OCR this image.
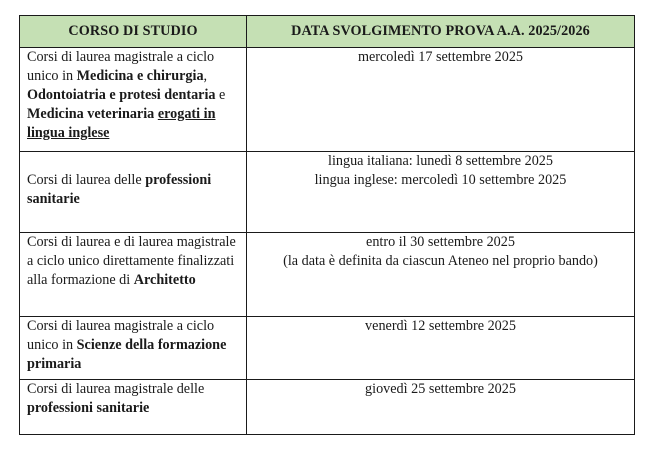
CORSO DI STUDIO	DATA SVOLGIMENTO PROVA A.A. 2025/2026
Corsi di laurea magistrale a ciclo unico in Medicina e chirurgia, Odontoiatria e protesi dentaria e Medicina veterinaria erogati in lingua inglese	mercoledì 17 settembre 2025

Corsi di laurea delle professioni sanitarie	lingua italiana: lunedì 8 settembre 2025
lingua inglese: mercoledì 10 settembre 2025

Corsi di laurea e di laurea magistrale a ciclo unico direttamente finalizzati alla formazione di Architetto	entro il 30 settembre 2025
(la data è definita da ciascun Ateneo nel proprio bando)

Corsi di laurea magistrale a ciclo unico in Scienze della formazione primaria	venerdì 12 settembre 2025

Corsi di laurea magistrale delle professioni sanitarie	giovedì 25 settembre 2025
